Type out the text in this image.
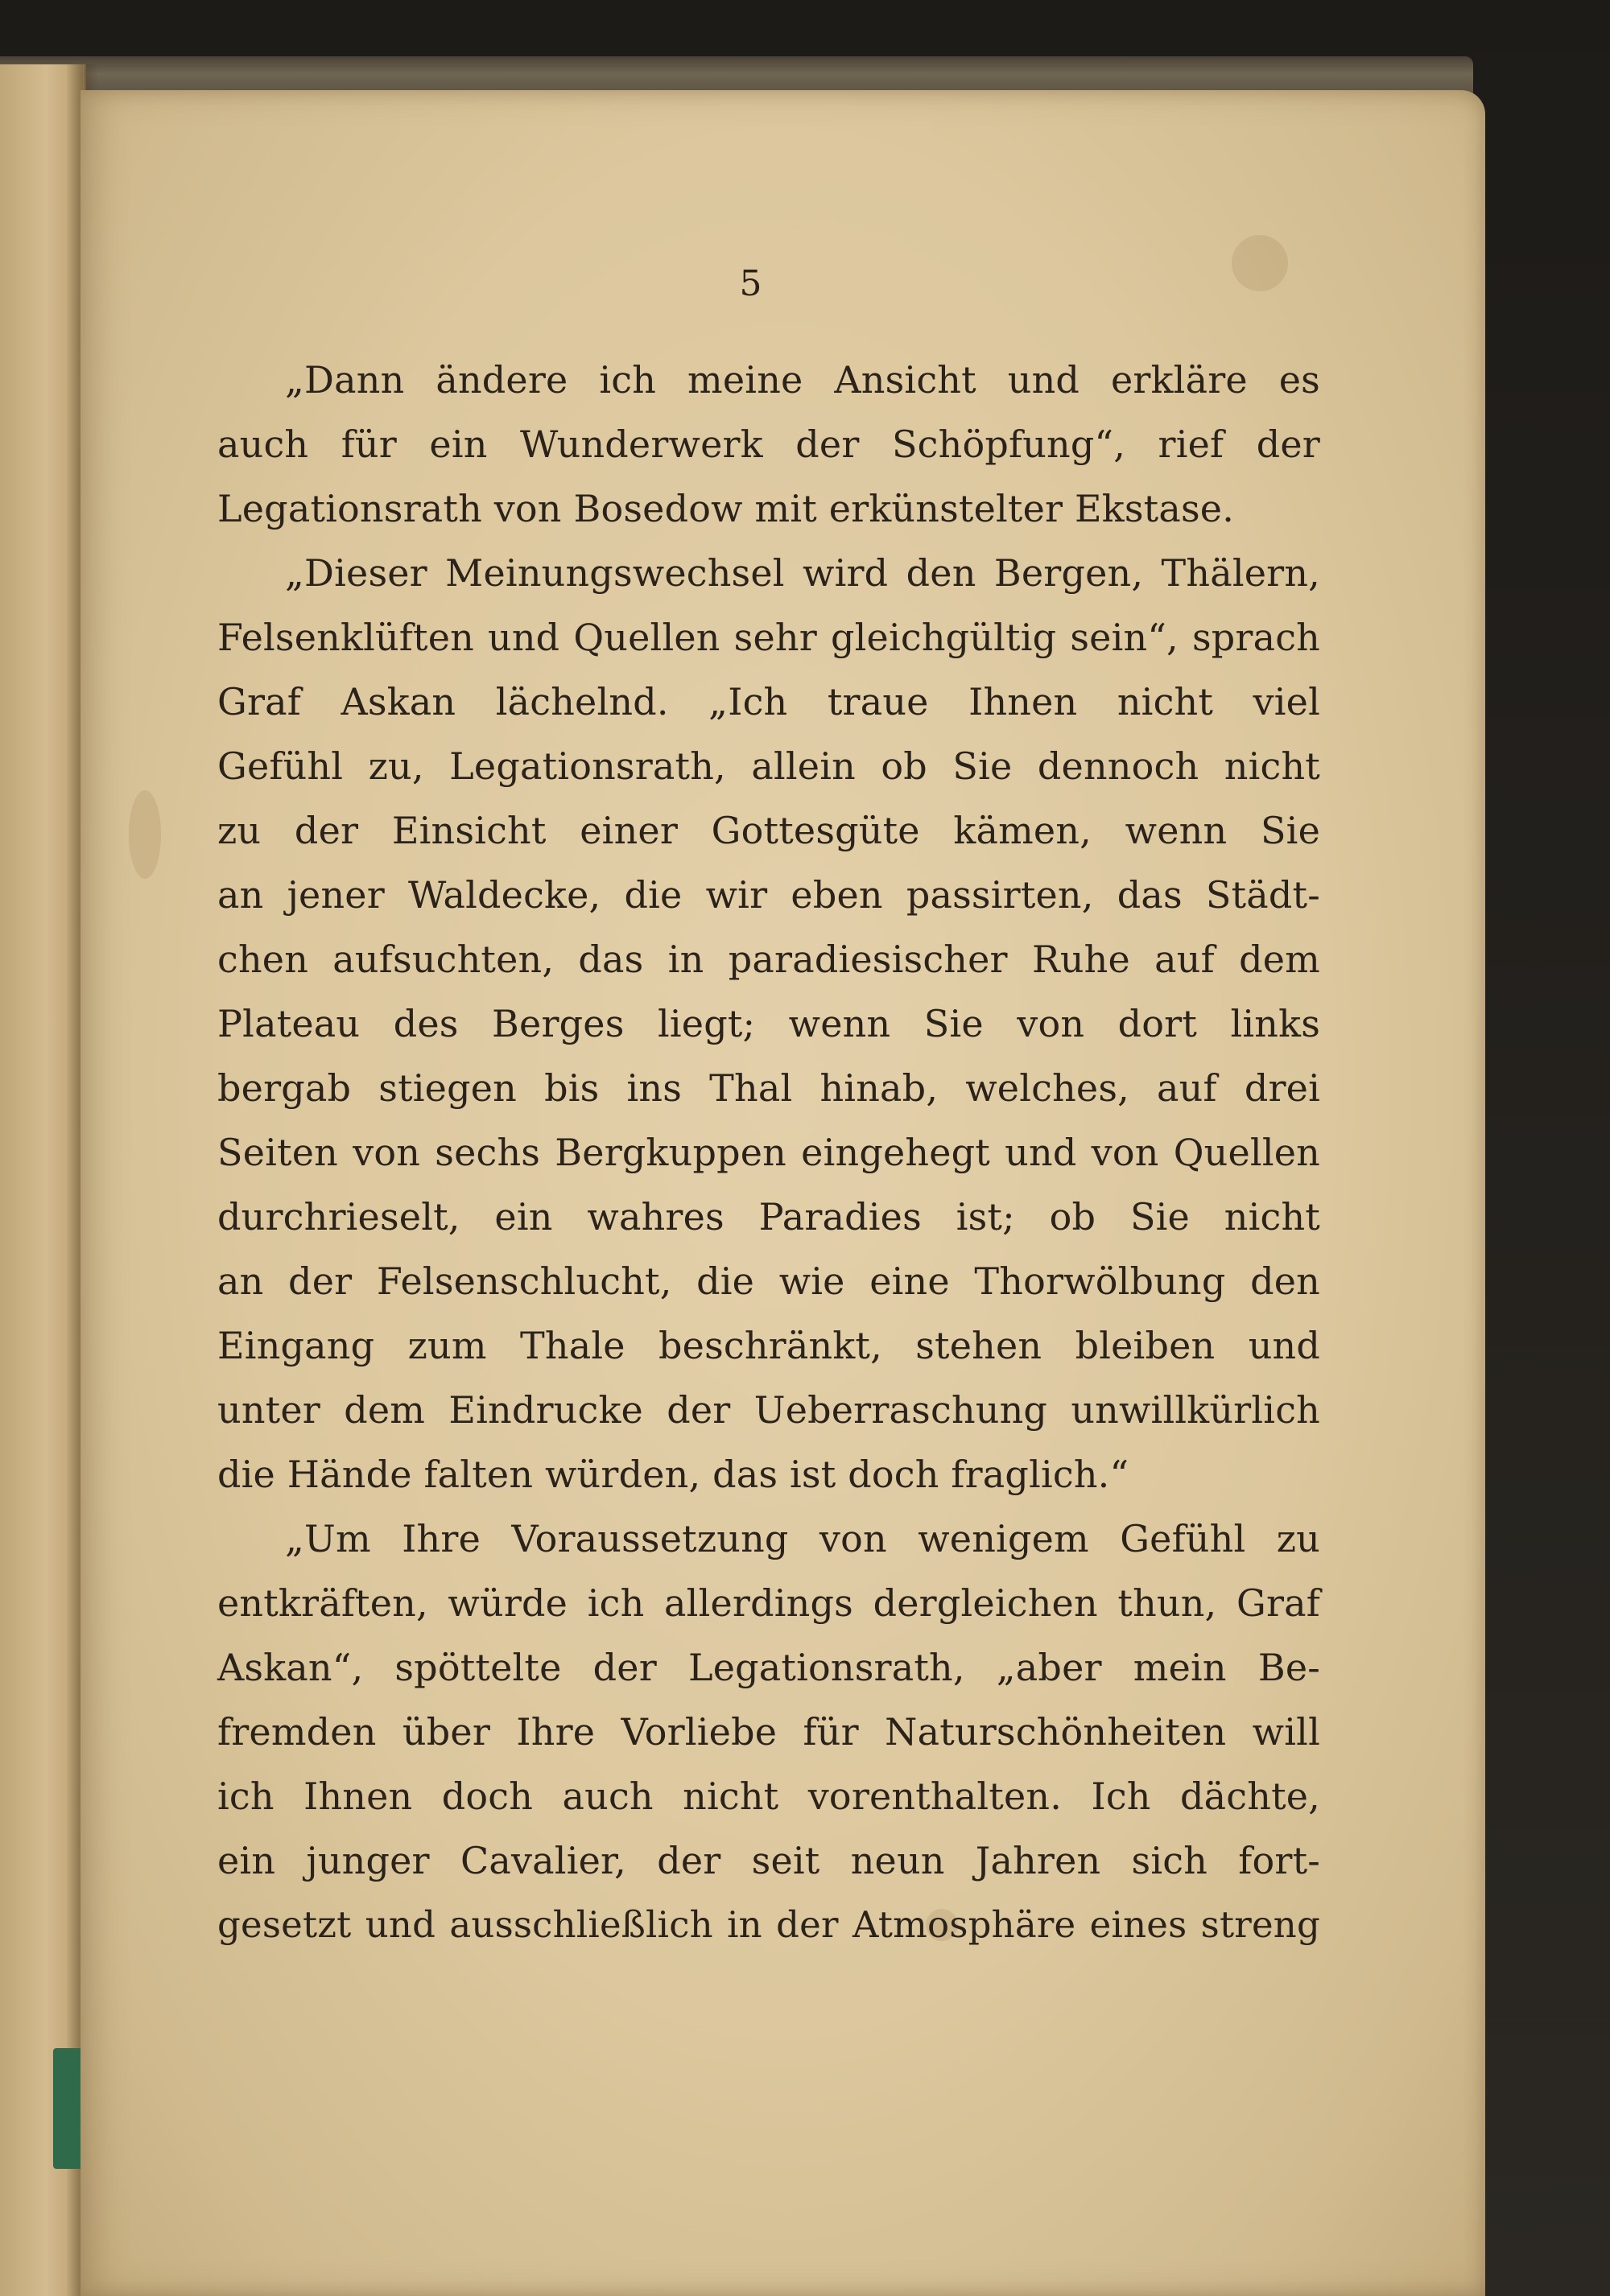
5
„Dann ändere ich meine Ansicht und erkläre es
auch für ein Wunderwerk der Schöpfung“, rief der
Legationsrath von Bosedow mit erkünstelter Ekstase.
„Dieser Meinungswechsel wird den Bergen, Thälern,
Felsenklüften und Quellen sehr gleichgültig sein“, sprach
Graf Askan lächelnd. „Ich traue Ihnen nicht viel
Gefühl zu, Legationsrath, allein ob Sie dennoch nicht
zu der Einsicht einer Gottesgüte kämen, wenn Sie
an jener Waldecke, die wir eben passirten, das Städt-
chen aufsuchten, das in paradiesischer Ruhe auf dem
Plateau des Berges liegt; wenn Sie von dort links
bergab stiegen bis ins Thal hinab, welches, auf drei
Seiten von sechs Bergkuppen eingehegt und von Quellen
durchrieselt, ein wahres Paradies ist; ob Sie nicht
an der Felsenschlucht, die wie eine Thorwölbung den
Eingang zum Thale beschränkt, stehen bleiben und
unter dem Eindrucke der Ueberraschung unwillkürlich
die Hände falten würden, das ist doch fraglich.“
„Um Ihre Voraussetzung von wenigem Gefühl zu
entkräften, würde ich allerdings dergleichen thun, Graf
Askan“, spöttelte der Legationsrath, „aber mein Be-
fremden über Ihre Vorliebe für Naturschönheiten will
ich Ihnen doch auch nicht vorenthalten. Ich dächte,
ein junger Cavalier, der seit neun Jahren sich fort-
gesetzt und ausschließlich in der Atmosphäre eines streng
